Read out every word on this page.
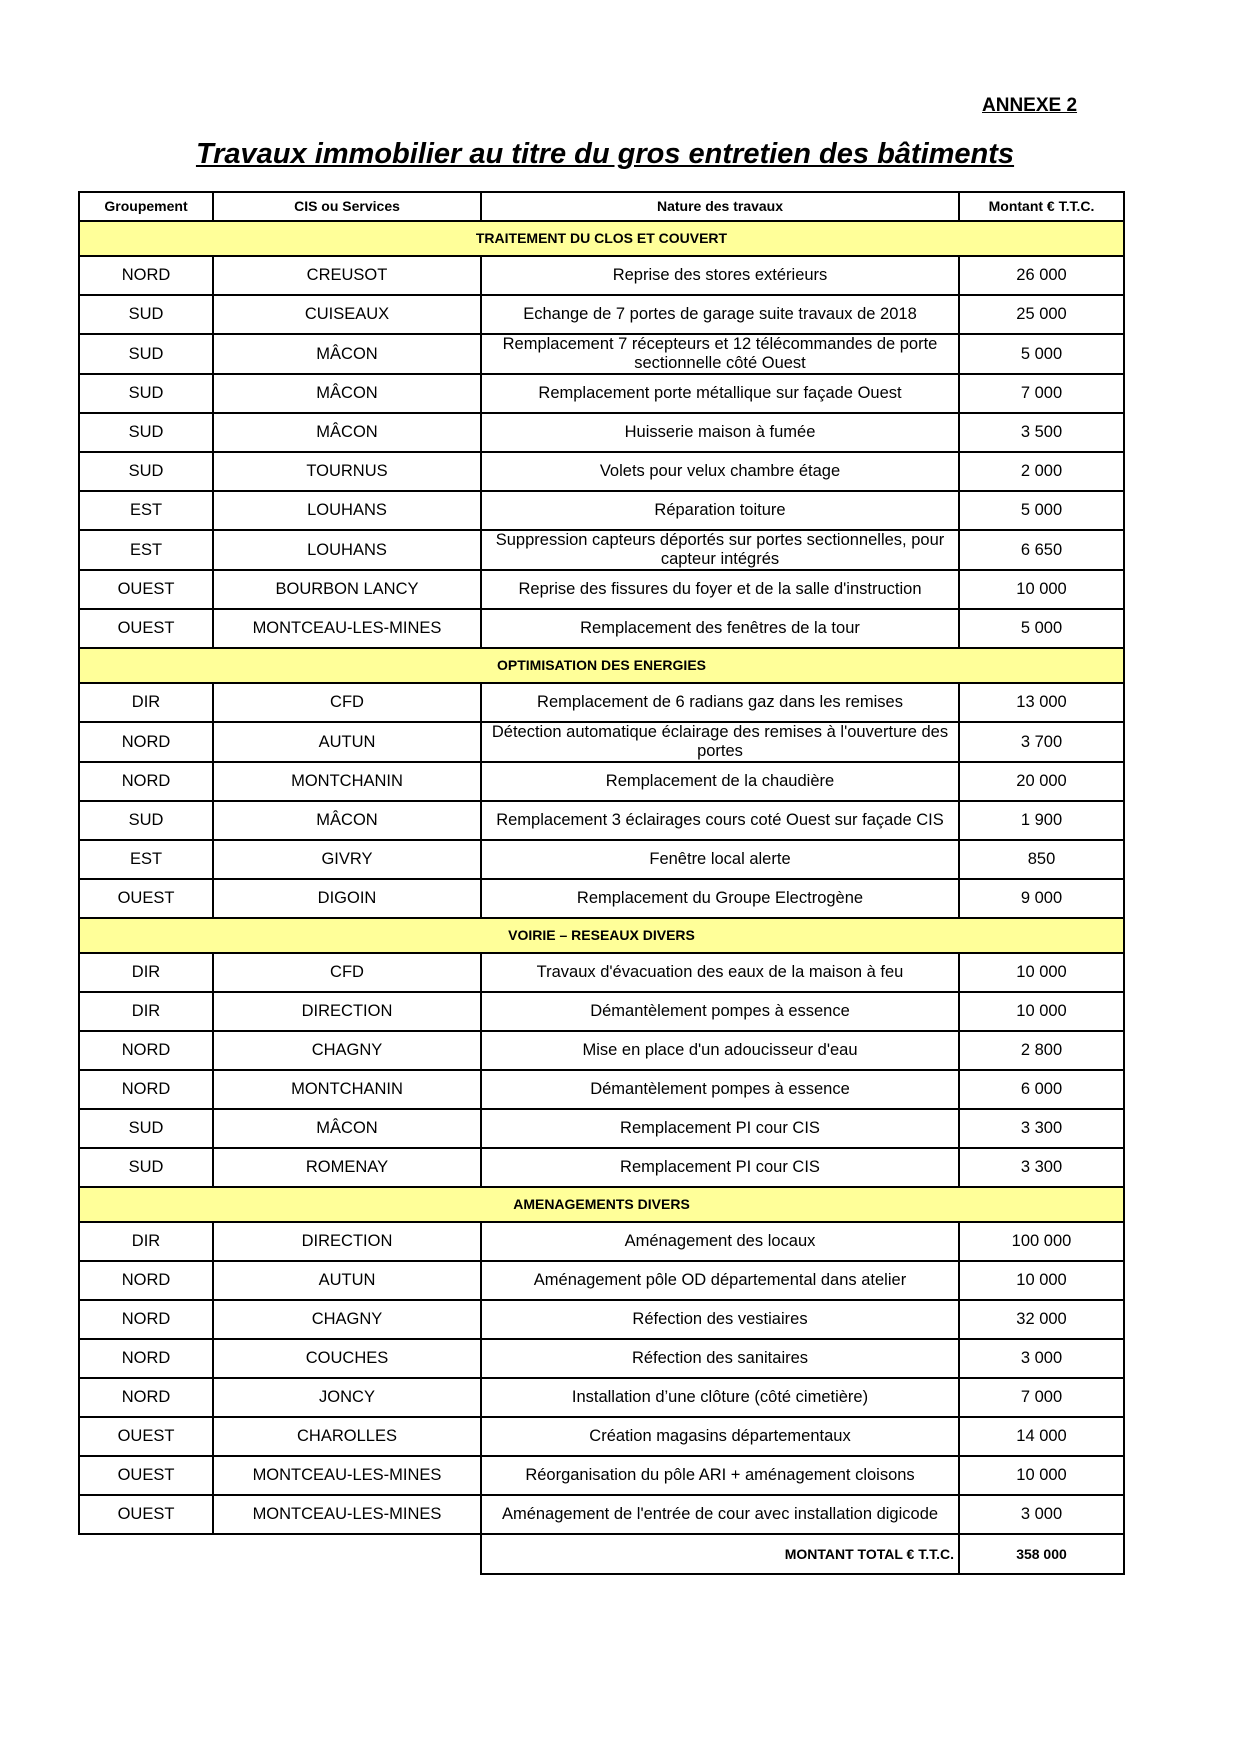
ANNEXE 2
Travaux immobilier au titre du gros entretien des bâtiments
Groupement	CIS ou Services	Nature des travaux	Montant € T.T.C.
TRAITEMENT DU CLOS ET COUVERT			
NORD	CREUSOT	Reprise des stores extérieurs	26 000
SUD	CUISEAUX	Echange de 7 portes de garage suite travaux de 2018	25 000
SUD	MÂCON	Remplacement 7 récepteurs et 12 télécommandes de porte sectionnelle côté Ouest	5 000
SUD	MÂCON	Remplacement porte métallique sur façade Ouest	7 000
SUD	MÂCON	Huisserie maison à fumée	3 500
SUD	TOURNUS	Volets pour velux chambre étage	2 000
EST	LOUHANS	Réparation toiture	5 000
EST	LOUHANS	Suppression capteurs déportés sur portes sectionnelles, pour capteur intégrés	6 650
OUEST	BOURBON LANCY	Reprise des fissures du foyer et de la salle d'instruction	10 000
OUEST	MONTCEAU-LES-MINES	Remplacement des fenêtres de la tour	5 000
OPTIMISATION DES ENERGIES			
DIR	CFD	Remplacement de 6 radians gaz dans les remises	13 000
NORD	AUTUN	Détection automatique éclairage des remises à l'ouverture des portes	3 700
NORD	MONTCHANIN	Remplacement de la chaudière	20 000
SUD	MÂCON	Remplacement 3 éclairages cours coté Ouest sur façade CIS	1 900
EST	GIVRY	Fenêtre local alerte	850
OUEST	DIGOIN	Remplacement du Groupe Electrogène	9 000
VOIRIE – RESEAUX DIVERS			
DIR	CFD	Travaux d'évacuation des eaux de la maison à feu	10 000
DIR	DIRECTION	Démantèlement pompes à essence	10 000
NORD	CHAGNY	Mise en place d'un adoucisseur d'eau	2 800
NORD	MONTCHANIN	Démantèlement pompes à essence	6 000
SUD	MÂCON	Remplacement PI cour CIS	3 300
SUD	ROMENAY	Remplacement PI cour CIS	3 300
AMENAGEMENTS DIVERS			
DIR	DIRECTION	Aménagement des locaux	100 000
NORD	AUTUN	Aménagement pôle OD départemental dans atelier	10 000
NORD	CHAGNY	Réfection des vestiaires	32 000
NORD	COUCHES	Réfection des sanitaires	3 000
NORD	JONCY	Installation d’une clôture (côté cimetière)	7 000
OUEST	CHAROLLES	Création magasins départementaux	14 000
OUEST	MONTCEAU-LES-MINES	Réorganisation du pôle ARI + aménagement cloisons	10 000
OUEST	MONTCEAU-LES-MINES	Aménagement de l'entrée de cour avec installation digicode	3 000
		MONTANT TOTAL € T.T.C.	358 000
